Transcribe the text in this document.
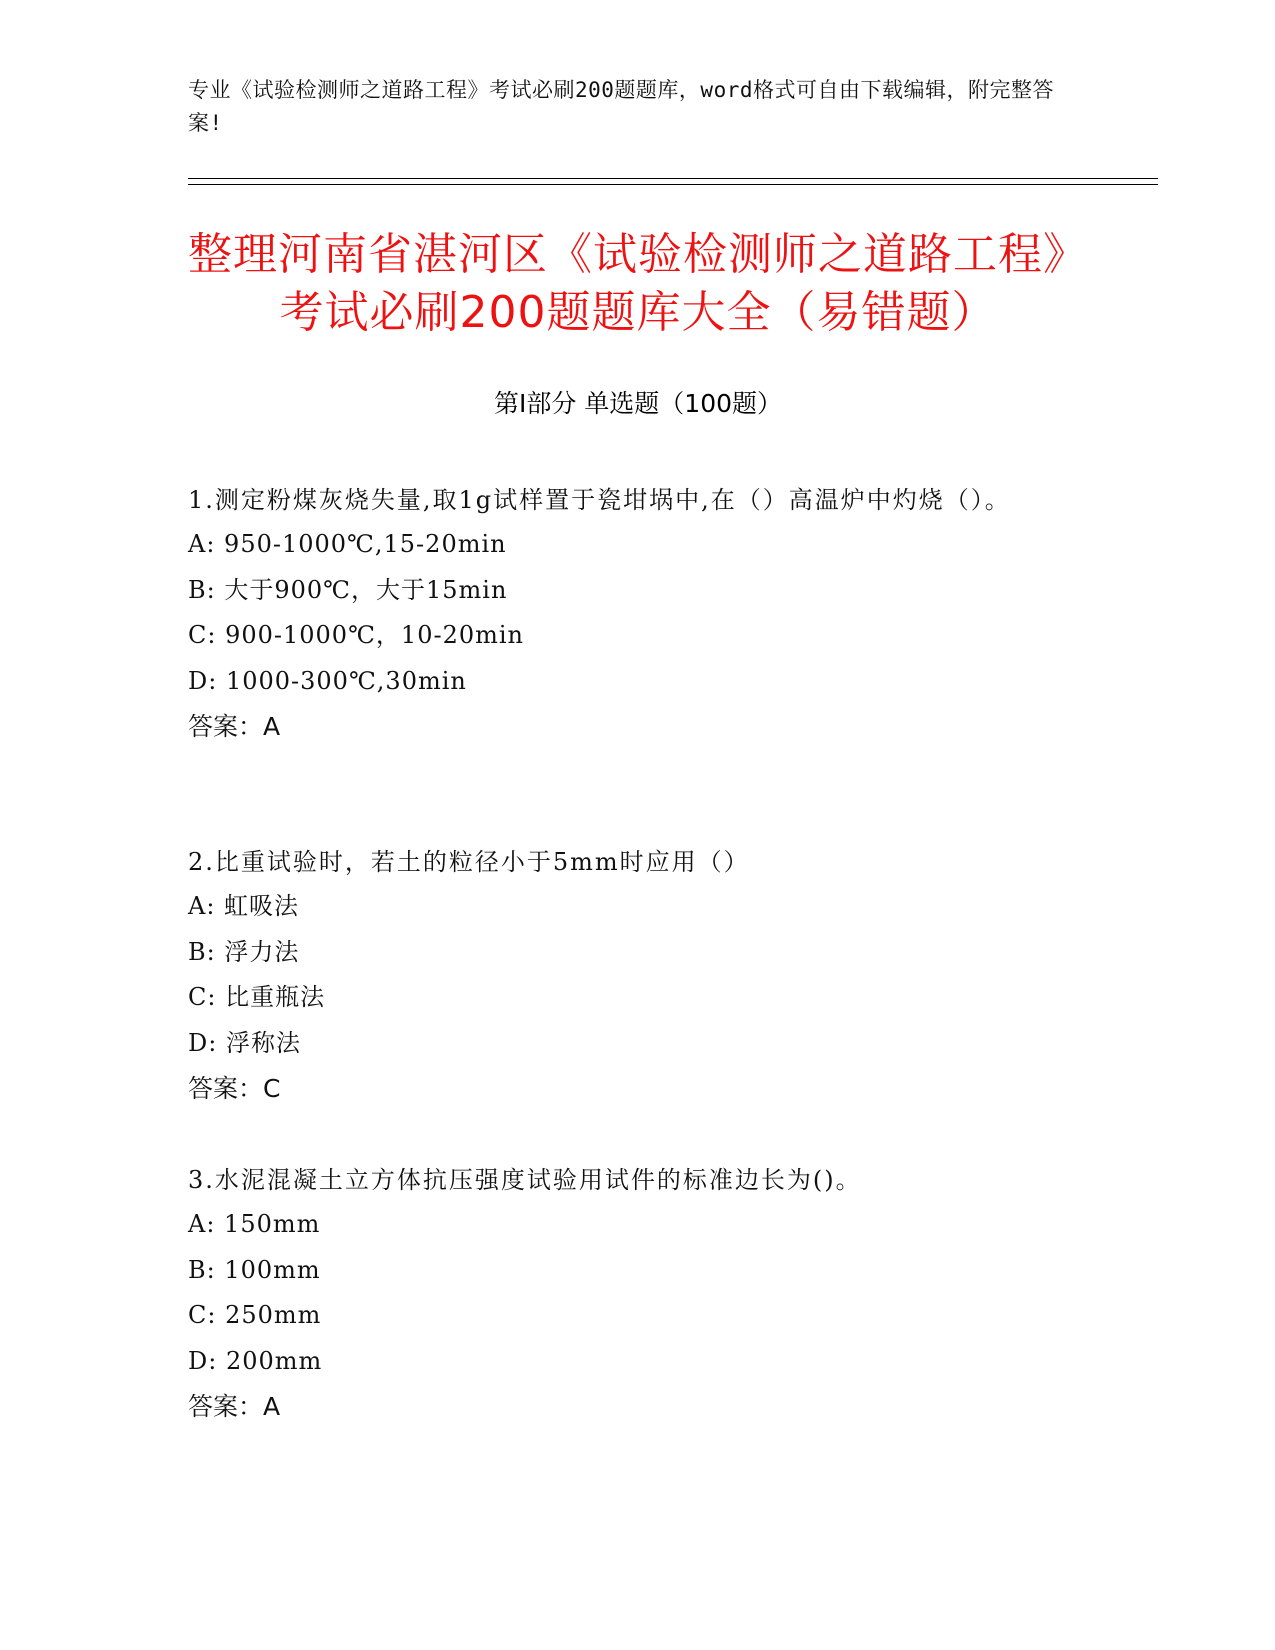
专业《试验检测师之道路工程》考试必刷200题题库，word格式可自由下载编辑，附完整答案!
整理河南省湛河区《试验检测师之道路工程》考试必刷200题题库大全（易错题）
第I部分 单选题（100题）
1.测定粉煤灰烧失量,取1g试样置于瓷坩埚中,在（）高温炉中灼烧（）。
A: 950-1000℃,15-20min
B: 大于900℃，大于15min
C: 900-1000℃，10-20min
D: 1000-300℃,30min
答案：A
2.比重试验时，若土的粒径小于5mm时应用（）
A: 虹吸法
B: 浮力法
C: 比重瓶法
D: 浮称法
答案：C
3.水泥混凝土立方体抗压强度试验用试件的标准边长为()。
A: 150mm
B: 100mm
C: 250mm
D: 200mm
答案：A
